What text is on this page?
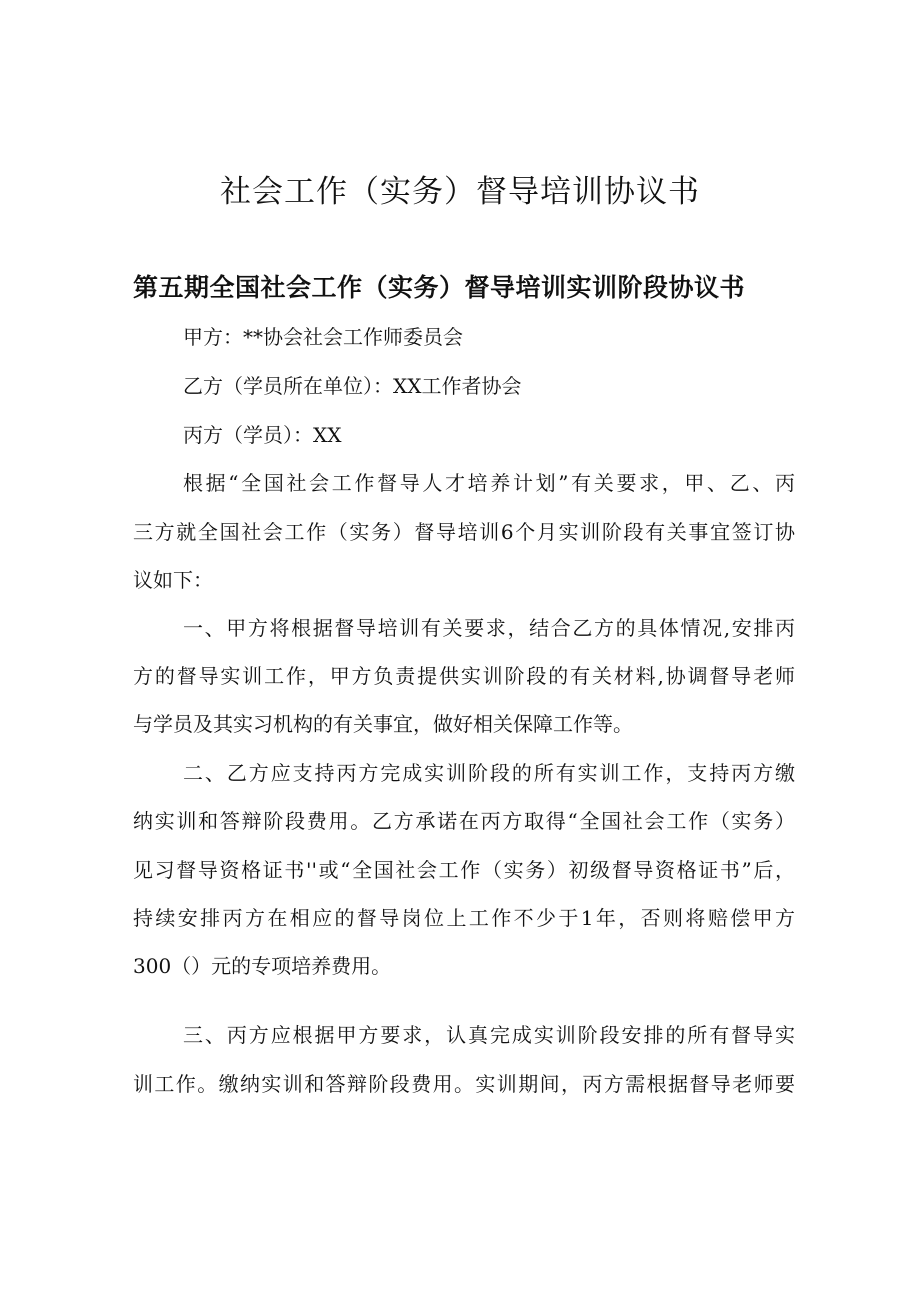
社会工作（实务）督导培训协议书
第五期全国社会工作（实务）督导培训实训阶段协议书
甲方：**协会社会工作师委员会
乙方（学员所在单位）：XX工作者协会
丙方（学员）：XX
根据“全国社会工作督导人才培养计划”有关要求，甲、乙、丙
三方就全国社会工作（实务）督导培训6个月实训阶段有关事宜签订协
议如下：
一、甲方将根据督导培训有关要求，结合乙方的具体情况,安排丙
方的督导实训工作，甲方负责提供实训阶段的有关材料,协调督导老师
与学员及其实习机构的有关事宜，做好相关保障工作等。
二、乙方应支持丙方完成实训阶段的所有实训工作，支持丙方缴
纳实训和答辩阶段费用。乙方承诺在丙方取得“全国社会工作（实务）
见习督导资格证书''或“全国社会工作（实务）初级督导资格证书”后，
持续安排丙方在相应的督导岗位上工作不少于1年，否则将赔偿甲方
300（）元的专项培养费用。
三、丙方应根据甲方要求，认真完成实训阶段安排的所有督导实
训工作。缴纳实训和答辩阶段费用。实训期间，丙方需根据督导老师要
